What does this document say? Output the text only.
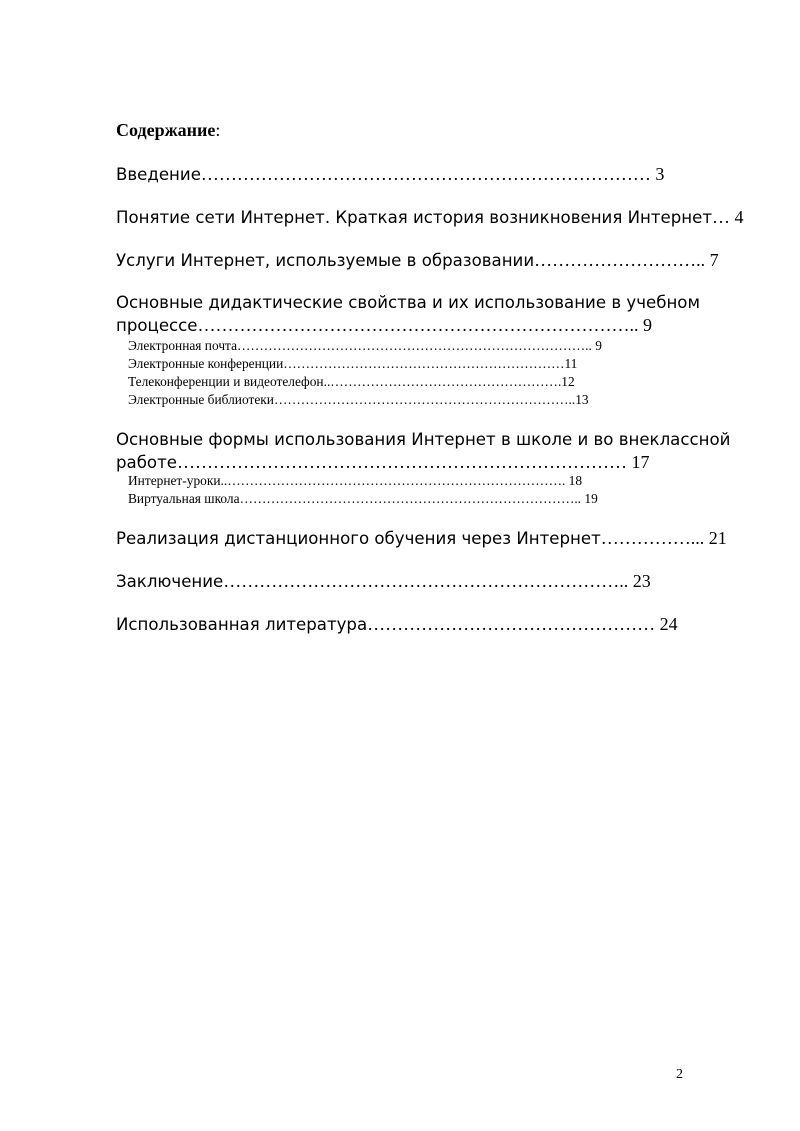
Содержание:
Введение………………………………………………………………… 3
Понятие сети Интернет. Краткая история возникновения Интернет… 4
Услуги Интернет, используемые в образовании……………………….. 7
Основные дидактические свойства и их использование в учебном
процессе……………………………………………………………….. 9
Электронная почта…………………………………………………………………….. 9
Электронные конференции………………………………………………………11
Телеконференции и видеотелефон..…………………………………………….12
Электронные библиотеки…………………………………………………………..13
Основные формы использования Интернет в школе и во внеклассной
работе………………………………………………………………… 17
Интернет-уроки..…………………………………………………………………. 18
Виртуальная школа………………………………………………………………….. 19
Реализация дистанционного обучения через Интернет……………... 21
Заключение………………………………………………………….. 23
Использованная литература………………………………………… 24
2
